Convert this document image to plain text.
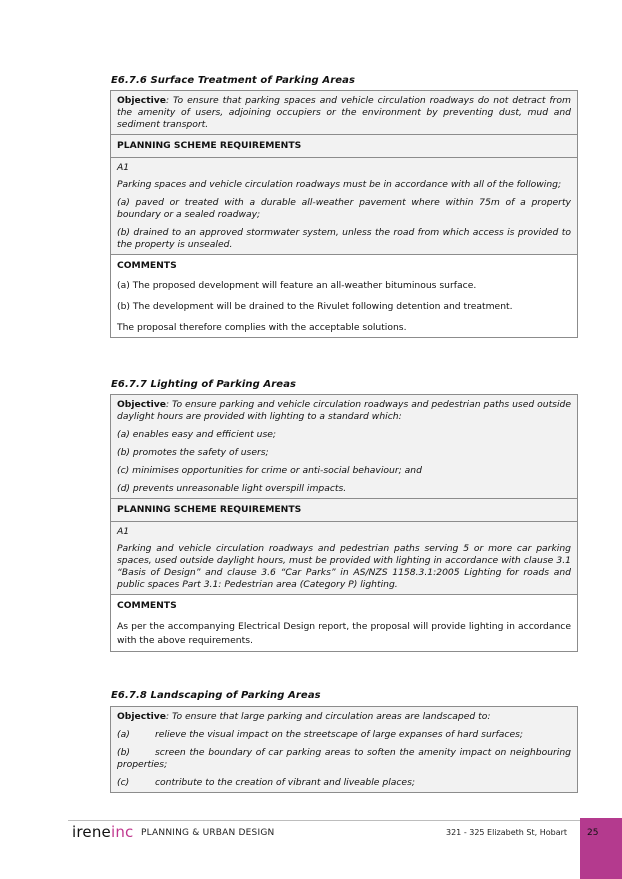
E6.7.6 Surface Treatment of Parking Areas

Objective: To ensure that parking spaces and vehicle circulation roadways do not detract from the amenity of users, adjoining occupiers or the environment by preventing dust, mud and sediment transport.

PLANNING SCHEME REQUIREMENTS

A1

Parking spaces and vehicle circulation roadways must be in accordance with all of the following;

(a) paved or treated with a durable all-weather pavement where within 75m of a property boundary or a sealed roadway;

(b) drained to an approved stormwater system, unless the road from which access is provided to the property is unsealed.

COMMENTS

(a) The proposed development will feature an all-weather bituminous surface.

(b) The development will be drained to the Rivulet following detention and treatment.

The proposal therefore complies with the acceptable solutions.

E6.7.7 Lighting of Parking Areas

Objective: To ensure parking and vehicle circulation roadways and pedestrian paths used outside daylight hours are provided with lighting to a standard which:

(a) enables easy and efficient use;

(b) promotes the safety of users;

(c) minimises opportunities for crime or anti-social behaviour; and

(d) prevents unreasonable light overspill impacts.

PLANNING SCHEME REQUIREMENTS

A1

Parking and vehicle circulation roadways and pedestrian paths serving 5 or more car parking spaces, used outside daylight hours, must be provided with lighting in accordance with clause 3.1 “Basis of Design” and clause 3.6 “Car Parks” in AS/NZS 1158.3.1:2005 Lighting for roads and public spaces Part 3.1: Pedestrian area (Category P) lighting.

COMMENTS

As per the accompanying Electrical Design report, the proposal will provide lighting in accordance with the above requirements.

E6.7.8 Landscaping of Parking Areas

Objective: To ensure that large parking and circulation areas are landscaped to:

(a)	relieve the visual impact on the streetscape of large expanses of hard surfaces;

(b)	screen the boundary of car parking areas to soften the amenity impact on neighbouring properties;

(c)	contribute to the creation of vibrant and liveable places;

ireneinc PLANNING & URBAN DESIGN	321 - 325 Elizabeth St, Hobart 25
